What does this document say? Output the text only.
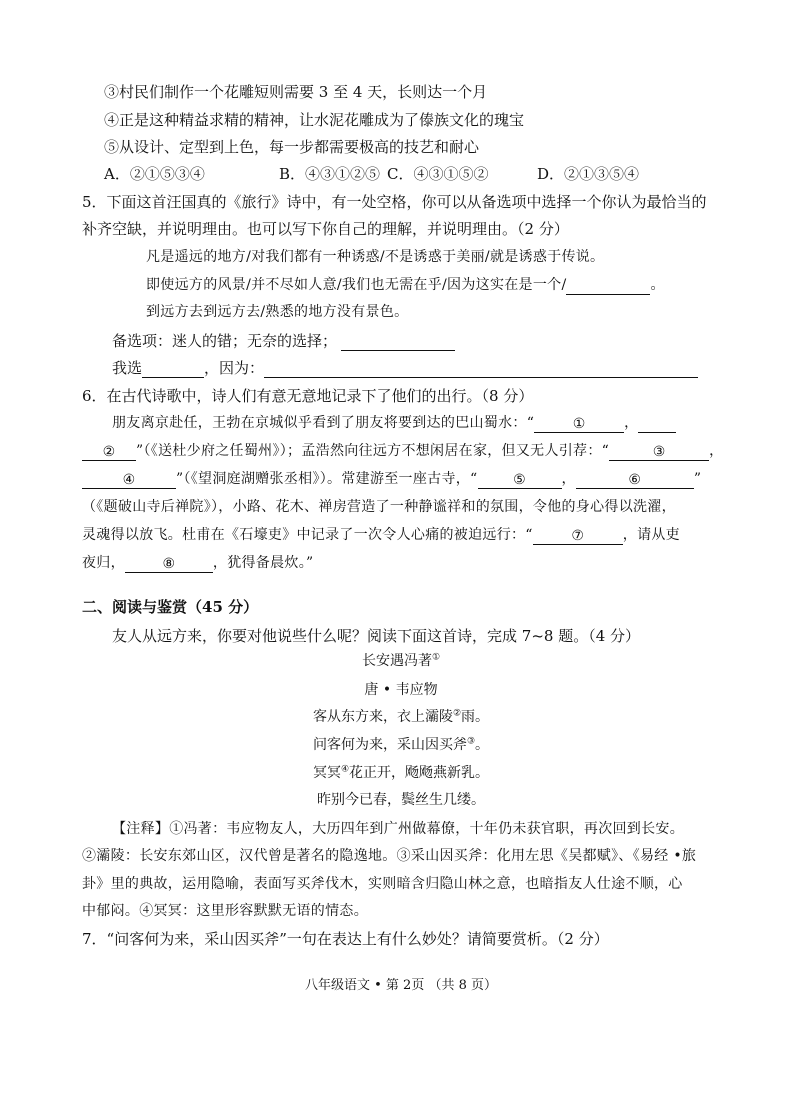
③村民们制作一个花雕短则需要 3 至 4 天，长则达一个月
④正是这种精益求精的精神，让水泥花雕成为了傣族文化的瑰宝
⑤从设计、定型到上色，每一步都需要极高的技艺和耐心
A．②①⑤③④	B．④③①②⑤ C．④③①⑤②	D．②①③⑤④
5．下面这首汪国真的《旅行》诗中，有一处空格，你可以从备选项中选择一个你认为最恰当的
补齐空缺，并说明理由。也可以写下你自己的理解，并说明理由。（2 分）
凡是遥远的地方/对我们都有一种诱惑/不是诱惑于美丽/就是诱惑于传说。
即使远方的风景/并不尽如人意/我们也无需在乎/因为这实在是一个/	。
到远方去到远方去/熟悉的地方没有景色。
备选项：迷人的错；无奈的选择；
我选	，因为：
6．在古代诗歌中，诗人们有意无意地记录下了他们的出行。（8 分）
朋友离京赴任，王勃在京城似乎看到了朋友将要到达的巴山蜀水：“	①	，
② ”（《送杜少府之任蜀州》）；孟浩然向往远方不想闲居在家，但又无人引荐：“	③	，
④	”（《望洞庭湖赠张丞相》）。常建游至一座古寺，“	⑤	，	⑥	”
（《题破山寺后禅院》），小路、花木、禅房营造了一种静谧祥和的氛围，令他的身心得以洗濯，
灵魂得以放飞。杜甫在《石壕吏》中记录了一次令人心痛的被迫远行：“	⑦	，请从吏
夜归，	⑧	，犹得备晨炊。”
二、阅读与鉴赏（45 分）
友人从远方来，你要对他说些什么呢？阅读下面这首诗，完成 7~8 题。（4 分）
长安遇冯著①
唐 • 韦应物
客从东方来，衣上灞陵②雨。
问客何为来，采山因买斧③。
冥冥④花正开，飏飏燕新乳。
昨别今已春，鬓丝生几缕。
【注释】①冯著：韦应物友人，大历四年到广州做幕僚，十年仍未获官职，再次回到长安。
②灞陵：长安东郊山区，汉代曾是著名的隐逸地。③采山因买斧：化用左思《吴都赋》、《易经 •旅
卦》里的典故，运用隐喻，表面写买斧伐木，实则暗含归隐山林之意，也暗指友人仕途不顺，心
中郁闷。④冥冥：这里形容默默无语的情态。
7．“问客何为来，采山因买斧”一句在表达上有什么妙处？请简要赏析。（2 分）
八年级语文 • 第 2页 （共 8 页）
